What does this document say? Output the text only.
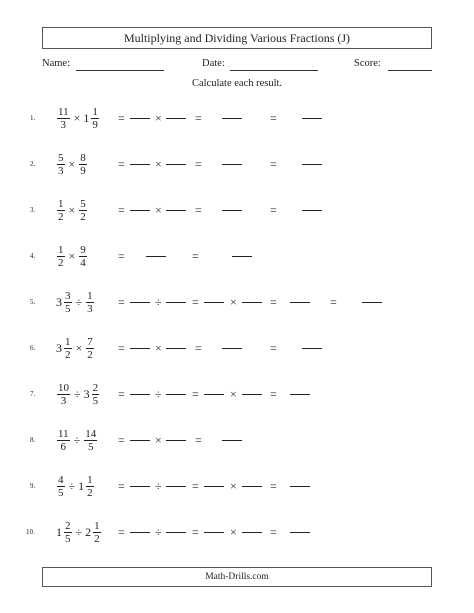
Multiplying and Dividing Various Fractions (J)
Name:	Date:	Score:
Calculate each result.
1. $\frac{11}{3} \times 1 \frac{1}{9}$ =	×	=	=
2. $\frac{5}{3} \times \frac{8}{9}$	=	×	=	=
3. $\frac{1}{2} \times \frac{5}{2}$	=	×	=	=
4. $\frac{1}{2} \times \frac{9}{4}$	=	=
5. $3 \frac{3}{5} \div \frac{1}{3}$ =	÷	=	×	=	=
6. $3 \frac{1}{2} \times \frac{7}{2}$ =	×	=	=
7. $\frac{10}{3} \div 3 \frac{2}{5}$ =	÷	=	×	=
8. $\frac{11}{6} \div \frac{14}{5}$ =	×	=
9. $\frac{4}{5} \div 1 \frac{1}{2}$ =	÷	=	×	=
10. $1 \frac{2}{5} \div 2 \frac{1}{2}$ =	÷	=	×	=
Math-Drills.com
